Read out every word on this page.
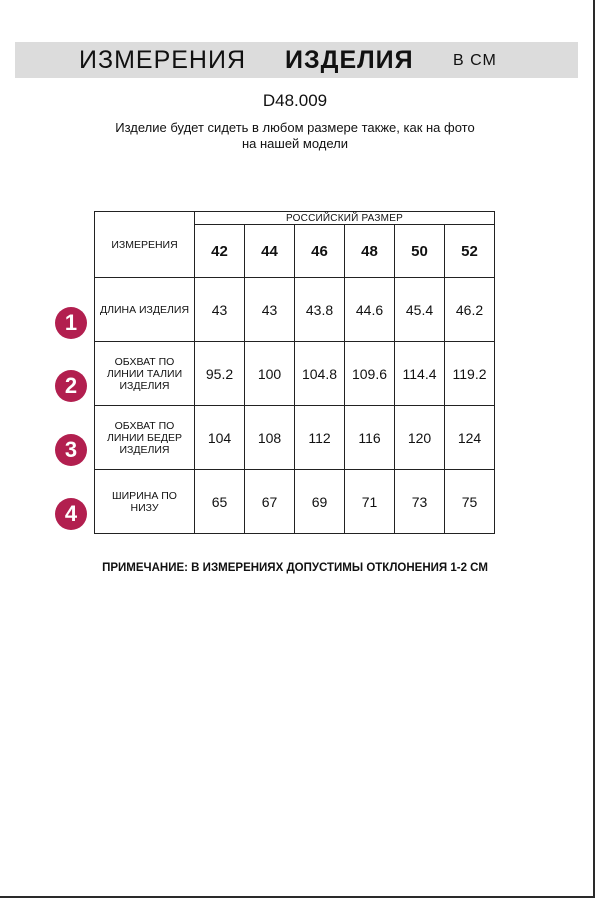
ИЗМЕРЕНИЯ ИЗДЕЛИЯ В СМ
D48.009
Изделие будет сидеть в любом размере также, как на фото
на нашей модели
ИЗМЕРЕНИЯ	РОССИЙСКИЙ РАЗМЕР					
	42	44	46	48	50	52

ДЛИНА ИЗДЕЛИЯ	43	43	43.8	44.6	45.4	46.2

ОБХВАТ ПО
ЛИНИИ ТАЛИИ
ИЗДЕЛИЯ	95.2	100	104.8	109.6	114.4	119.2

ОБХВАТ ПО
ЛИНИИ БЕДЕР
ИЗДЕЛИЯ	104	108	112	116	120	124

ШИРИНА ПО
НИЗУ	65	67	69	71	73	75
1
2
3
4
ПРИМЕЧАНИЕ: В ИЗМЕРЕНИЯХ ДОПУСТИМЫ ОТКЛОНЕНИЯ 1-2 СМ
